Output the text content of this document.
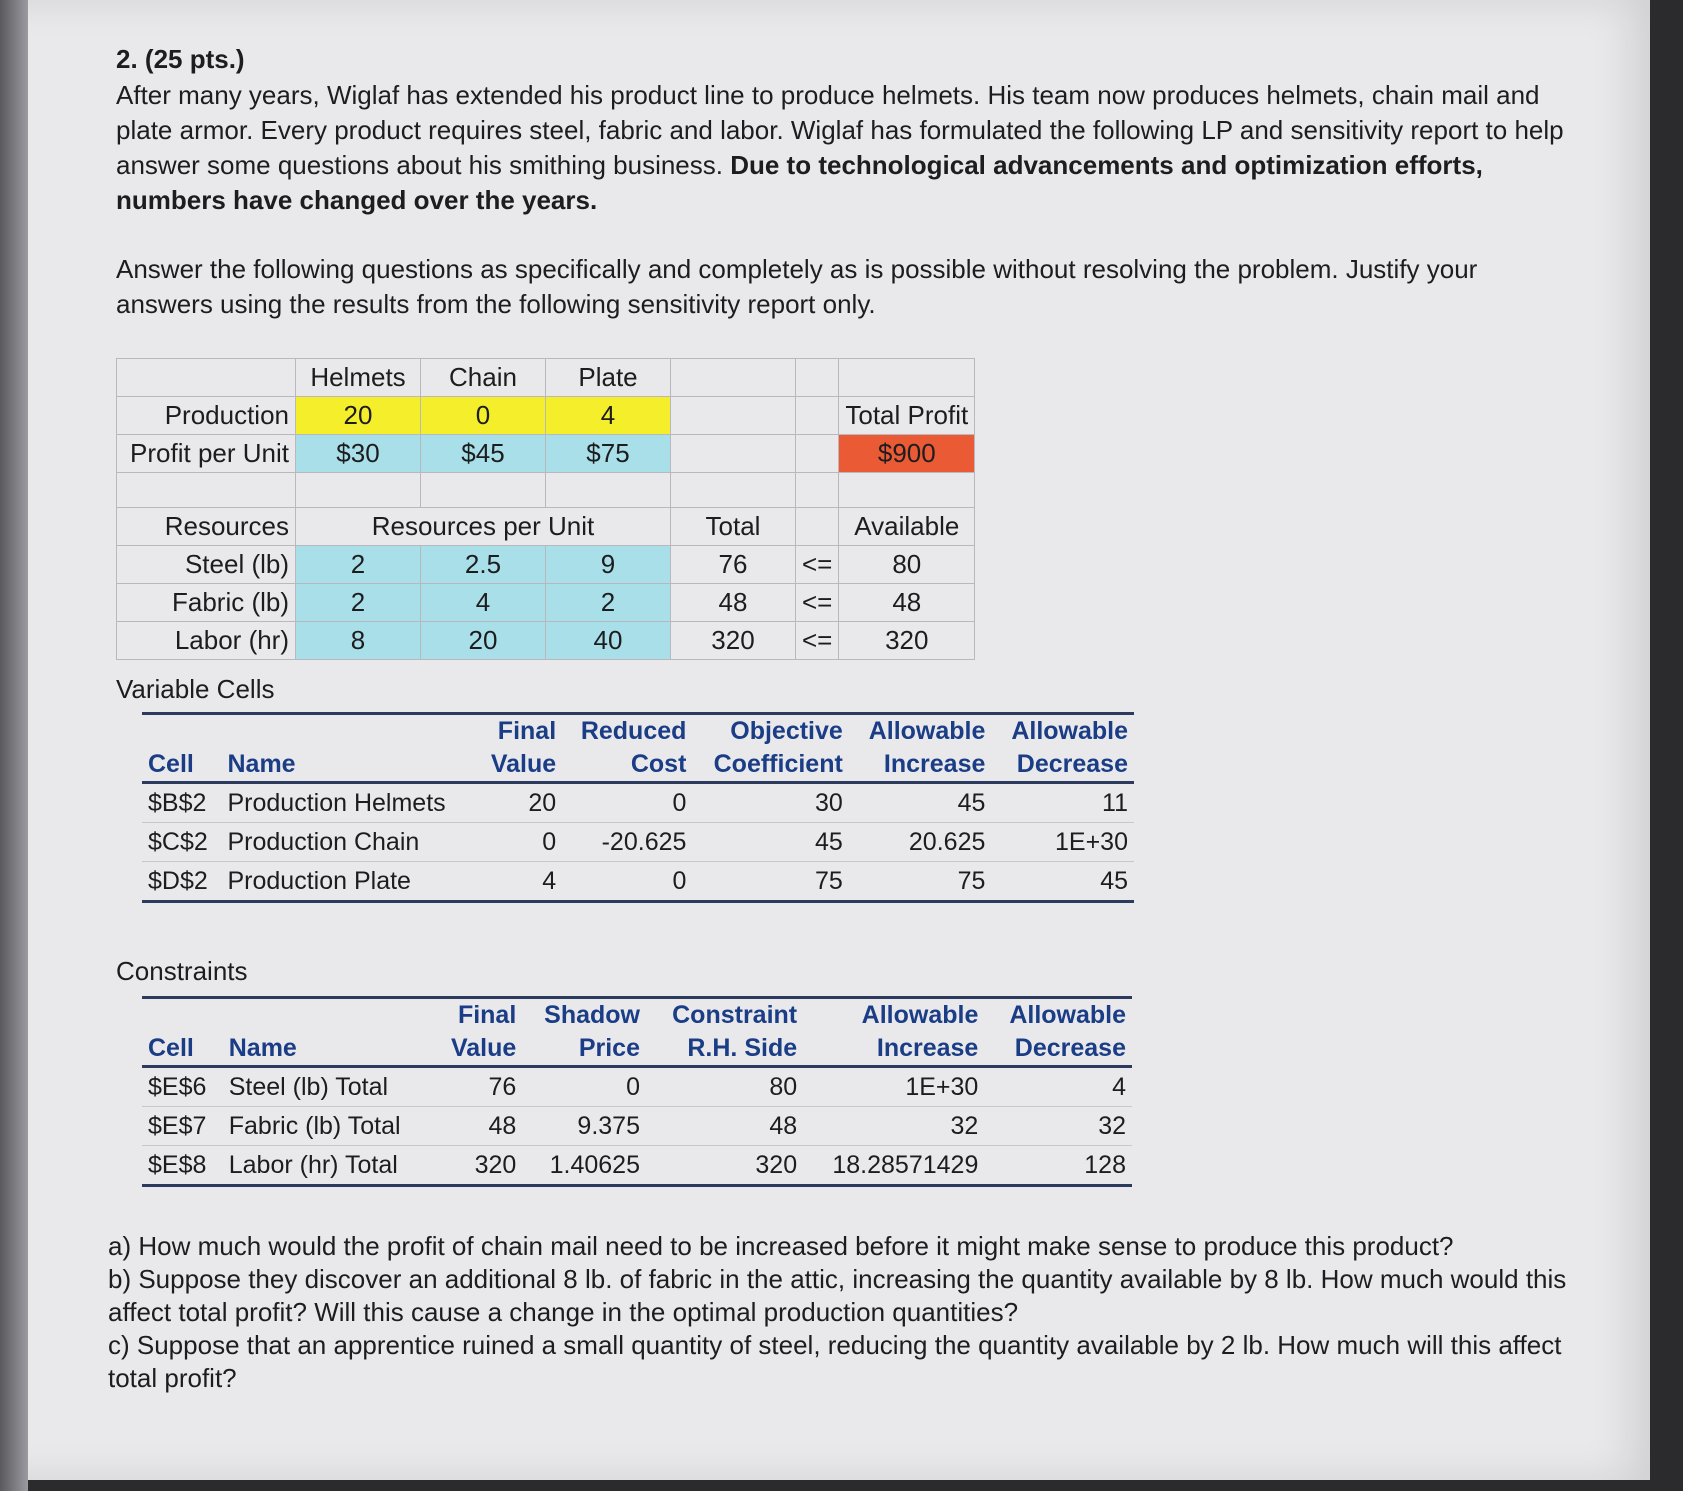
2. (25 pts.)
After many years, Wiglaf has extended his product line to produce helmets. His team now produces helmets, chain mail and plate armor. Every product requires steel, fabric and labor. Wiglaf has formulated the following LP and sensitivity report to help answer some questions about his smithing business. Due to technological advancements and optimization efforts, numbers have changed over the years.
Answer the following questions as specifically and completely as is possible without resolving the problem. Justify your answers using the results from the following sensitivity report only.
	Helmets	Chain	Plate			
Production	20	0	4			Total Profit
Profit per Unit	$30	$45	$75			$900

Resources	Resources per Unit			Total		Available
Steel (lb)	2	2.5	9	76	<=	80
Fabric (lb)	2	4	2	48	<=	48
Labor (hr)	8	20	40	320	<=	320
Variable Cells
		Final	Reduced	Objective	Allowable	Allowable
Cell	Name	Value	Cost	Coefficient	Increase	Decrease
$B$2	Production Helmets	20	0	30	45	11
$C$2	Production Chain	0	-20.625	45	20.625	1E+30
$D$2	Production Plate	4	0	75	75	45
Constraints
		Final	Shadow	Constraint	Allowable	Allowable
Cell	Name	Value	Price	R.H. Side	Increase	Decrease
$E$6	Steel (lb) Total	76	0	80	1E+30	4
$E$7	Fabric (lb) Total	48	9.375	48	32	32
$E$8	Labor (hr) Total	320	1.40625	320	18.28571429	128

a) How much would the profit of chain mail need to be increased before it might make sense to produce this product?

b) Suppose they discover an additional 8 lb. of fabric in the attic, increasing the quantity available by 8 lb. How much would this affect total profit? Will this cause a change in the optimal production quantities?

c) Suppose that an apprentice ruined a small quantity of steel, reducing the quantity available by 2 lb. How much will this affect total profit?
